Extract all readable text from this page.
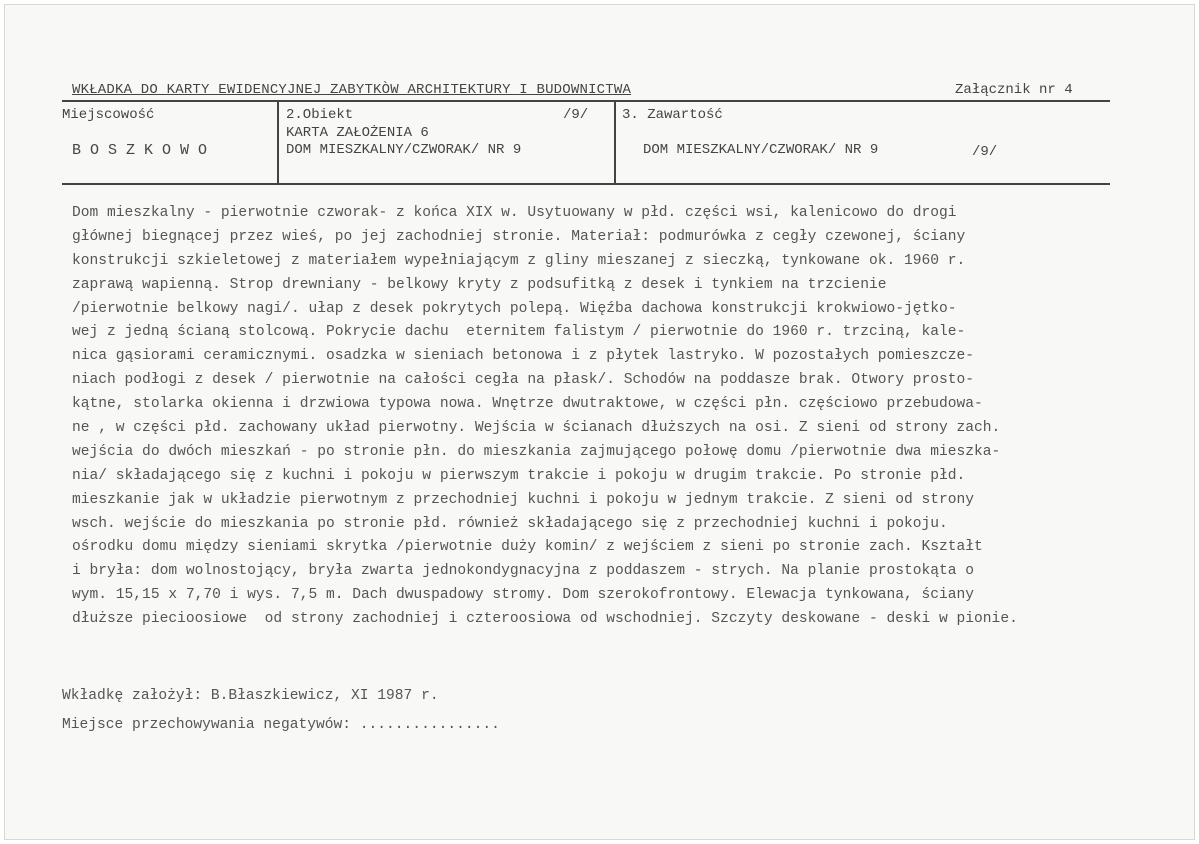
WKŁADKA DO KARTY EWIDENCYJNEJ ZABYTKÒW ARCHITEKTURY I BUDOWNICTWA	Załącznik nr 4
Miejscowość
B O S Z K O W O
2.Obiekt	/9/
KARTA ZAŁOŻENIA 6
DOM MIESZKALNY/CZWORAK/ NR 9
3. Zawartość
DOM MIESZKALNY/CZWORAK/ NR 9	/9/
Dom mieszkalny - pierwotnie czworak- z końca XIX w. Usytuowany w płd. części wsi, kalenicowo do drogi
głównej biegnącej przez wieś, po jej zachodniej stronie. Materiał: podmurówka z cegły czewonej, ściany
konstrukcji szkieletowej z materiałem wypełniającym z gliny mieszanej z sieczką, tynkowane ok. 1960 r.
zaprawą wapienną. Strop drewniany - belkowy kryty z podsufitką z desek i tynkiem na trzcienie
/pierwotnie belkowy nagi/. ułap z desek pokrytych polepą. Więźba dachowa konstrukcji krokwiowo-jętko-
wej z jedną ścianą stolcową. Pokrycie dachu  eternitem falistym / pierwotnie do 1960 r. trzciną, kale-
nica gąsiorami ceramicznymi. osadzka w sieniach betonowa i z płytek lastryko. W pozostałych pomieszcze-
niach podłogi z desek / pierwotnie na całości cegła na płask/. Schodów na poddasze brak. Otwory prosto-
kątne, stolarka okienna i drzwiowa typowa nowa. Wnętrze dwutraktowe, w części płn. częściowo przebudowa-
ne , w części płd. zachowany układ pierwotny. Wejścia w ścianach dłuższych na osi. Z sieni od strony zach.
wejścia do dwóch mieszkań - po stronie płn. do mieszkania zajmującego połowę domu /pierwotnie dwa mieszka-
nia/ składającego się z kuchni i pokoju w pierwszym trakcie i pokoju w drugim trakcie. Po stronie płd.
mieszkanie jak w układzie pierwotnym z przechodniej kuchni i pokoju w jednym trakcie. Z sieni od strony
wsch. wejście do mieszkania po stronie płd. również składającego się z przechodniej kuchni i pokoju.
ośrodku domu między sieniami skrytka /pierwotnie duży komin/ z wejściem z sieni po stronie zach. Kształt
i bryła: dom wolnostojący, bryła zwarta jednokondygnacyjna z poddaszem - strych. Na planie prostokąta o
wym. 15,15 x 7,70 i wys. 7,5 m. Dach dwuspadowy stromy. Dom szerokofrontowy. Elewacja tynkowana, ściany
dłuższe piecioosiowe  od strony zachodniej i czteroosiowa od wschodniej. Szczyty deskowane - deski w pionie.
Wkładkę założył: B.Błaszkiewicz, XI 1987 r.
Miejsce przechowywania negatywów: ................
